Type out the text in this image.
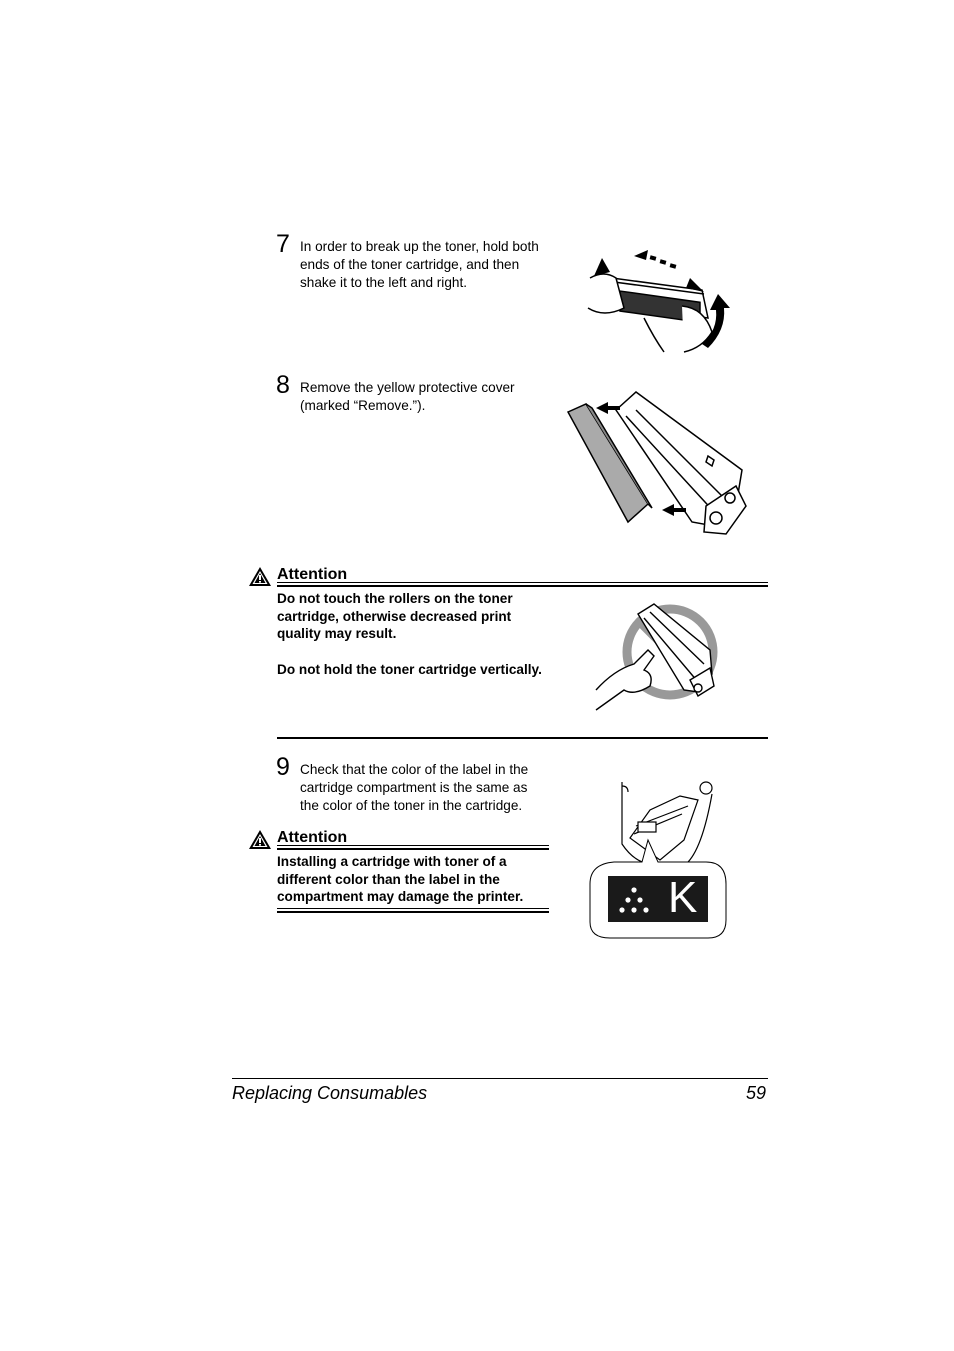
7 In order to break up the toner, hold both ends of the toner cartridge, and then shake it to the left and right.
8 Remove the yellow protective cover (marked “Remove.”).
Attention
Do not touch the rollers on the toner cartridge, otherwise decreased print quality may result.
Do not hold the toner cartridge vertically.
9 Check that the color of the label in the cartridge compartment is the same as the color of the toner in the cartridge.
Attention
Installing a cartridge with toner of a different color than the label in the compartment may damage the printer.	K
Replacing Consumables	59
